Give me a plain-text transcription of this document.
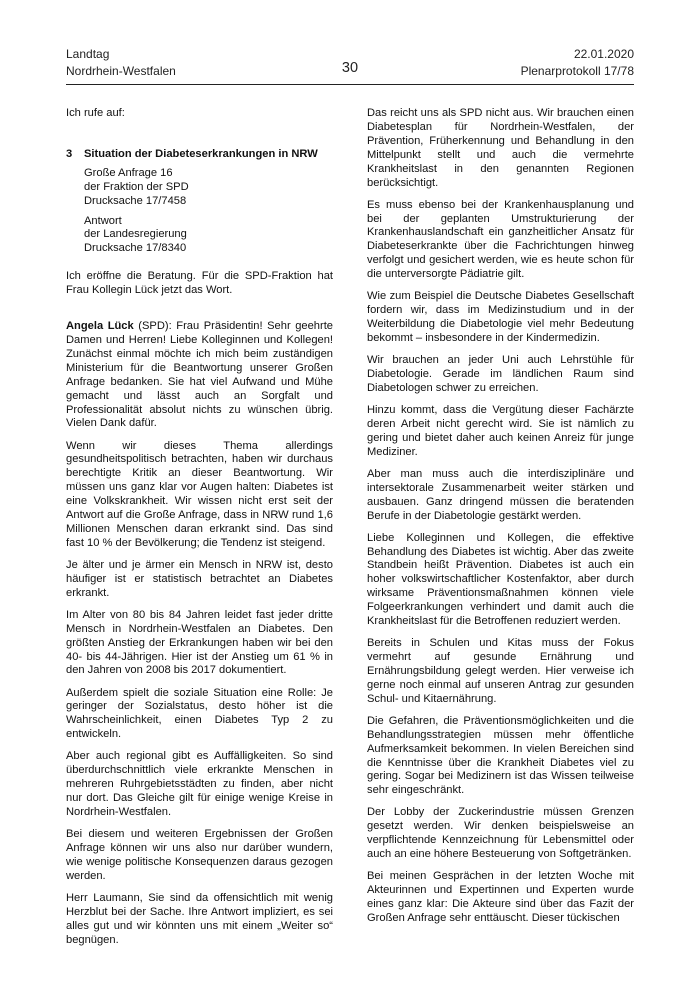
Landtag
Nordrhein-Westfalen	30
22.01.2020
Plenarprotokoll 17/78

Ich rufe auf:

3	Situation der Diabeteserkrankungen in NRW
Große Anfrage 16
der Fraktion der SPD
Drucksache 17/7458
Antwort
der Landesregierung
Drucksache 17/8340

Ich eröffne die Beratung. Für die SPD-Fraktion hat Frau Kollegin Lück jetzt das Wort.

Angela Lück (SPD): Frau Präsidentin! Sehr geehrte Damen und Herren! Liebe Kolleginnen und Kollegen! Zunächst einmal möchte ich mich beim zuständigen Ministerium für die Beantwortung unserer Großen Anfrage bedanken. Sie hat viel Aufwand und Mühe gemacht und lässt auch an Sorgfalt und Professionalität absolut nichts zu wünschen übrig. Vielen Dank dafür.

Wenn wir dieses Thema allerdings gesundheitspolitisch betrachten, haben wir durchaus berechtigte Kritik an dieser Beantwortung. Wir müssen uns ganz klar vor Augen halten: Diabetes ist eine Volkskrankheit. Wir wissen nicht erst seit der Antwort auf die Große Anfrage, dass in NRW rund 1,6 Millionen Menschen daran erkrankt sind. Das sind fast 10 % der Bevölkerung; die Tendenz ist steigend.

Je älter und je ärmer ein Mensch in NRW ist, desto häufiger ist er statistisch betrachtet an Diabetes erkrankt.

Im Alter von 80 bis 84 Jahren leidet fast jeder dritte Mensch in Nordrhein-Westfalen an Diabetes. Den größten Anstieg der Erkrankungen haben wir bei den 40- bis 44-Jährigen. Hier ist der Anstieg um 61 % in den Jahren von 2008 bis 2017 dokumentiert.

Außerdem spielt die soziale Situation eine Rolle: Je geringer der Sozialstatus, desto höher ist die Wahrscheinlichkeit, einen Diabetes Typ 2 zu entwickeln.

Aber auch regional gibt es Auffälligkeiten. So sind überdurchschnittlich viele erkrankte Menschen in mehreren Ruhrgebietsstädten zu finden, aber nicht nur dort. Das Gleiche gilt für einige wenige Kreise in Nordrhein-Westfalen.

Bei diesem und weiteren Ergebnissen der Großen Anfrage können wir uns also nur darüber wundern, wie wenige politische Konsequenzen daraus gezogen werden.

Herr Laumann, Sie sind da offensichtlich mit wenig Herzblut bei der Sache. Ihre Antwort impliziert, es sei alles gut und wir könnten uns mit einem „Weiter so“ begnügen.

Das reicht uns als SPD nicht aus. Wir brauchen einen Diabetesplan für Nordrhein-Westfalen, der Prävention, Früherkennung und Behandlung in den Mittelpunkt stellt und auch die vermehrte Krankheitslast in den genannten Regionen berücksichtigt.

Es muss ebenso bei der Krankenhausplanung und bei der geplanten Umstrukturierung der Krankenhauslandschaft ein ganzheitlicher Ansatz für Diabeteserkrankte über die Fachrichtungen hinweg verfolgt und gesichert werden, wie es heute schon für die unterversorgte Pädiatrie gilt.

Wie zum Beispiel die Deutsche Diabetes Gesellschaft fordern wir, dass im Medizinstudium und in der Weiterbildung die Diabetologie viel mehr Bedeutung bekommt – insbesondere in der Kindermedizin.

Wir brauchen an jeder Uni auch Lehrstühle für Diabetologie. Gerade im ländlichen Raum sind Diabetologen schwer zu erreichen.

Hinzu kommt, dass die Vergütung dieser Fachärzte deren Arbeit nicht gerecht wird. Sie ist nämlich zu gering und bietet daher auch keinen Anreiz für junge Mediziner.

Aber man muss auch die interdisziplinäre und intersektorale Zusammenarbeit weiter stärken und ausbauen. Ganz dringend müssen die beratenden Berufe in der Diabetologie gestärkt werden.

Liebe Kolleginnen und Kollegen, die effektive Behandlung des Diabetes ist wichtig. Aber das zweite Standbein heißt Prävention. Diabetes ist auch ein hoher volkswirtschaftlicher Kostenfaktor, aber durch wirksame Präventionsmaßnahmen können viele Folgeerkrankungen verhindert und damit auch die Krankheitslast für die Betroffenen reduziert werden.

Bereits in Schulen und Kitas muss der Fokus vermehrt auf gesunde Ernährung und Ernährungsbildung gelegt werden. Hier verweise ich gerne noch einmal auf unseren Antrag zur gesunden Schul- und Kitaernährung.

Die Gefahren, die Präventionsmöglichkeiten und die Behandlungsstrategien müssen mehr öffentliche Aufmerksamkeit bekommen. In vielen Bereichen sind die Kenntnisse über die Krankheit Diabetes viel zu gering. Sogar bei Medizinern ist das Wissen teilweise sehr eingeschränkt.

Der Lobby der Zuckerindustrie müssen Grenzen gesetzt werden. Wir denken beispielsweise an verpflichtende Kennzeichnung für Lebensmittel oder auch an eine höhere Besteuerung von Softgetränken.

Bei meinen Gesprächen in der letzten Woche mit Akteurinnen und Expertinnen und Experten wurde eines ganz klar: Die Akteure sind über das Fazit der Großen Anfrage sehr enttäuscht. Dieser tückischen
